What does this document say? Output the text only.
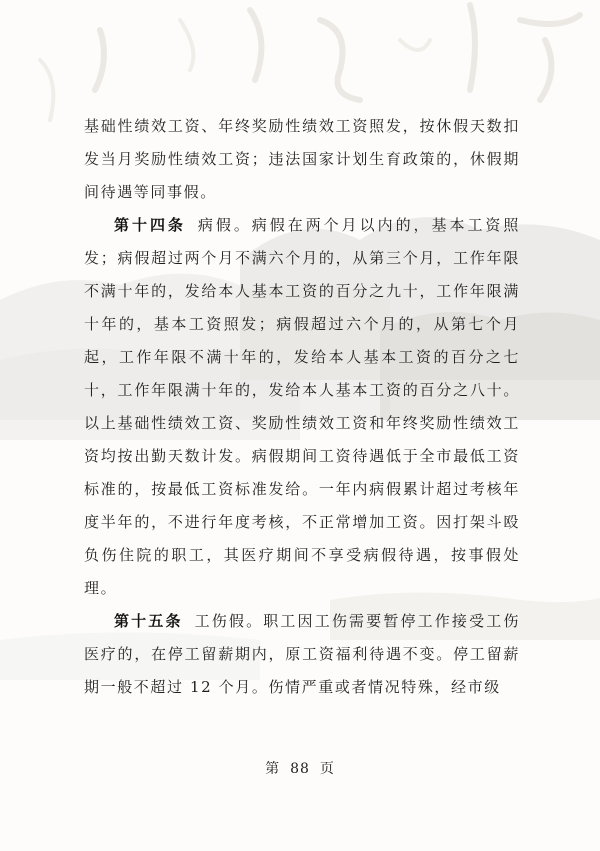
基础性绩效工资、年终奖励性绩效工资照发，按休假天数扣发当月奖励性绩效工资；违法国家计划生育政策的，休假期间待遇等同事假。

第十四条 病假。病假在两个月以内的，基本工资照发；病假超过两个月不满六个月的，从第三个月，工作年限不满十年的，发给本人基本工资的百分之九十，工作年限满十年的，基本工资照发；病假超过六个月的，从第七个月起，工作年限不满十年的，发给本人基本工资的百分之七十，工作年限满十年的，发给本人基本工资的百分之八十。以上基础性绩效工资、奖励性绩效工资和年终奖励性绩效工资均按出勤天数计发。病假期间工资待遇低于全市最低工资标准的，按最低工资标准发给。一年内病假累计超过考核年度半年的，不进行年度考核，不正常增加工资。因打架斗殴负伤住院的职工，其医疗期间不享受病假待遇，按事假处理。

第十五条 工伤假。职工因工伤需要暂停工作接受工伤医疗的，在停工留薪期内，原工资福利待遇不变。停工留薪期一般不超过 12 个月。伤情严重或者情况特殊，经市级

第 88 页
